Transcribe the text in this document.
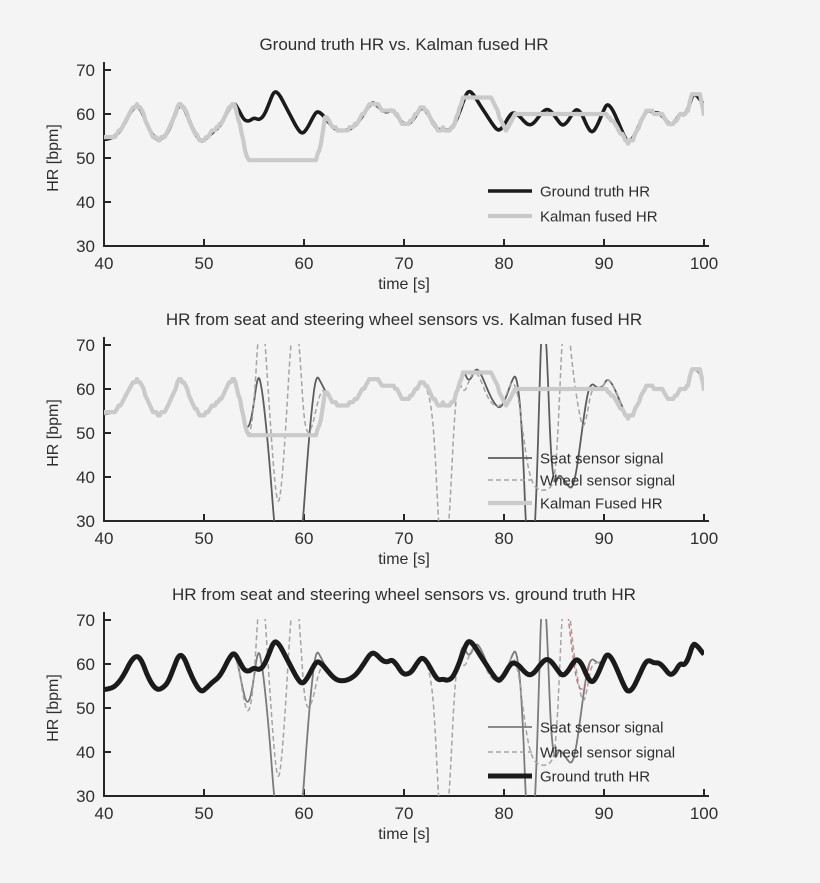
Ground truth HR vs. Kalman fused HR
time [s]
HR [bpm]
40	50	60	70	80	90	100
30
40
50
60
70
Ground truth HR
Kalman fused HR
HR from seat and steering wheel sensors vs. Kalman fused HR
time [s]
HR [bpm]
40	50	60	70	80	90	100
30
40
50
60
70
Seat sensor signal
Wheel sensor signal
Kalman Fused HR
HR from seat and steering wheel sensors vs. ground truth HR
time [s]
HR [bpm]
40	50	60	70	80	90	100
30
40
50
60
70
Seat sensor signal
Wheel sensor signal
Ground truth HR
